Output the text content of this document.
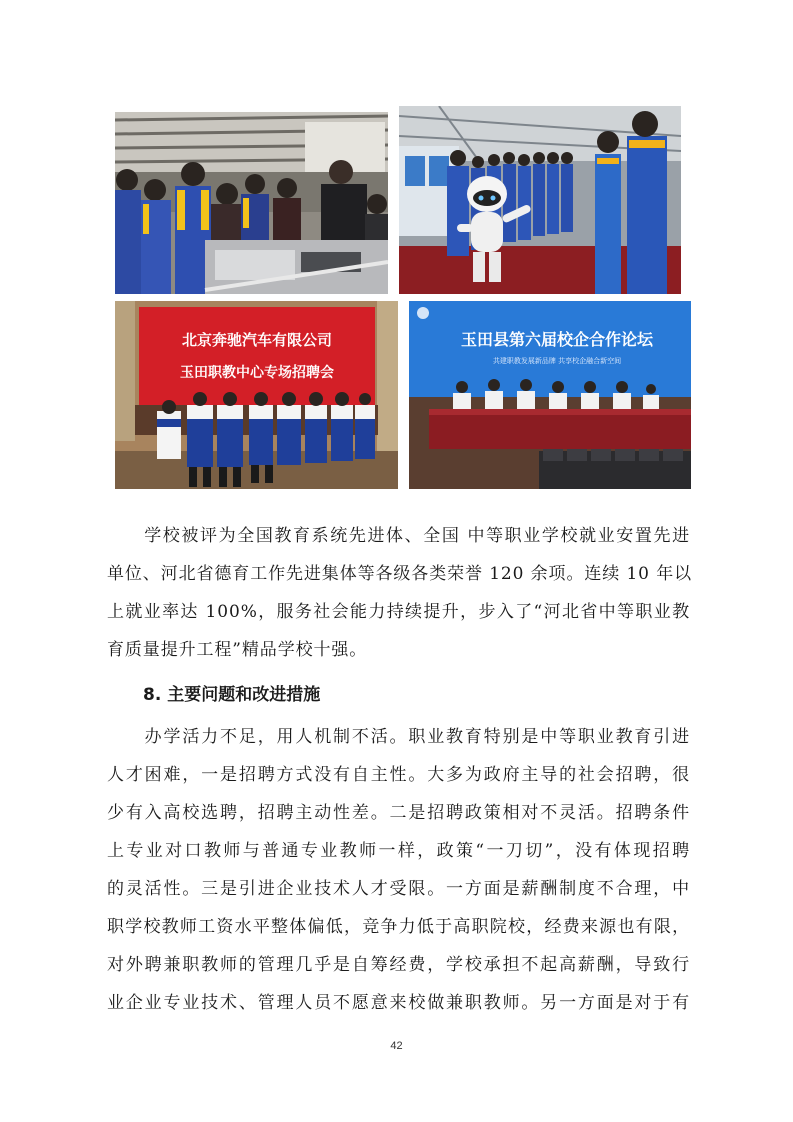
北京奔驰汽车有限公司
玉田职教中心专场招聘会
玉田县第六届校企合作论坛
共建职教发展新品牌 共享校企融合新空间
　　学校被评为全国教育系统先进体、全国 中等职业学校就业安置先进
单位、河北省德育工作先进集体等各级各类荣誉 120 余项。连续 10 年以
上就业率达 100%，服务社会能力持续提升，步入了“河北省中等职业教
育质量提升工程”精品学校十强。
8. 主要问题和改进措施
　　办学活力不足，用人机制不活。职业教育特别是中等职业教育引进
人才困难，一是招聘方式没有自主性。大多为政府主导的社会招聘，很
少有入高校选聘，招聘主动性差。二是招聘政策相对不灵活。招聘条件
上专业对口教师与普通专业教师一样，政策“一刀切”，没有体现招聘
的灵活性。三是引进企业技术人才受限。一方面是薪酬制度不合理，中
职学校教师工资水平整体偏低，竞争力低于高职院校，经费来源也有限，
对外聘兼职教师的管理几乎是自筹经费，学校承担不起高薪酬，导致行
业企业专业技术、管理人员不愿意来校做兼职教师。另一方面是对于有
42
